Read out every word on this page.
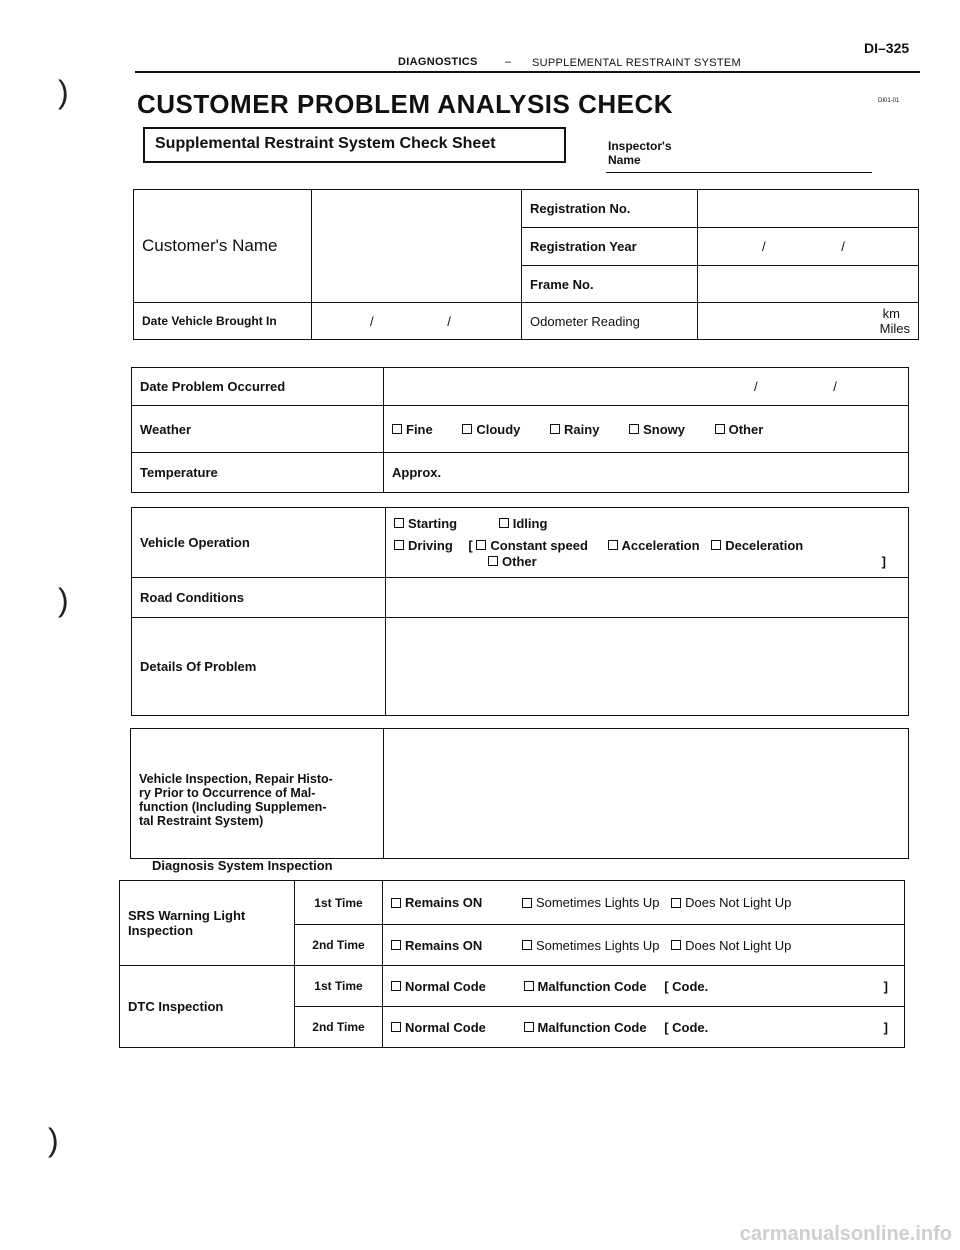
DIAGNOSTICS – SUPPLEMENTAL RESTRAINT SYSTEM
DI–325
CUSTOMER PROBLEM ANALYSIS CHECK	DI01-01
Supplemental Restraint System Check Sheet	Inspector's
Name
Customer's Name		Registration No.	
		Registration Year	/ /
		Frame No.	
Date Vehicle Brought In	/ /	Odometer Reading	km
Miles
Date Problem Occurred	/ /
Weather	Fine Cloudy Rainy Snowy Other
Temperature	Approx.
Vehicle Operation	Starting Idling
Driving [ Constant speed Acceleration Deceleration
Other ]

Road Conditions	
Details Of Problem	
Vehicle Inspection, Repair Histo-
ry Prior to Occurrence of Mal-
function (Including Supplemen-
tal Restraint System)

Diagnosis System Inspection
SRS Warning Light
Inspection	1st Time	Remains ON Sometimes Lights Up Does Not Light Up
	2nd Time	Remains ON Sometimes Lights Up Does Not Light Up
DTC Inspection	1st Time	Normal Code Malfunction Code [ Code. ]

	2nd Time	Normal Code Malfunction Code [ Code. ]
)
)
)
carmanualsonline.info
